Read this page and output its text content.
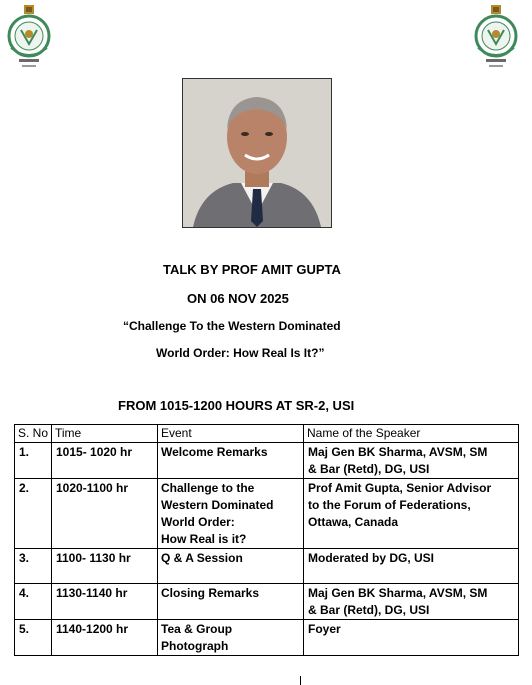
TALK BY PROF AMIT GUPTA
ON 06 NOV 2025
“Challenge To the Western Dominated
World Order: How Real Is It?”
FROM 1015-1200 HOURS AT SR-2, USI
S. No	Time	Event	Name of the Speaker
1.	1015- 1020 hr	Welcome Remarks	Maj Gen BK Sharma, AVSM, SM
& Bar (Retd), DG, USI
2.	1020-1100 hr	Challenge to the
Western Dominated
World Order:
How Real is it?	Prof Amit Gupta, Senior Advisor
to the Forum of Federations,
Ottawa, Canada
3.	1100- 1130 hr	Q & A Session	Moderated by DG, USI
4.	1130-1140 hr	Closing Remarks	Maj Gen BK Sharma, AVSM, SM
& Bar (Retd), DG, USI
5.	1140-1200 hr	Tea & Group
Photograph	Foyer
